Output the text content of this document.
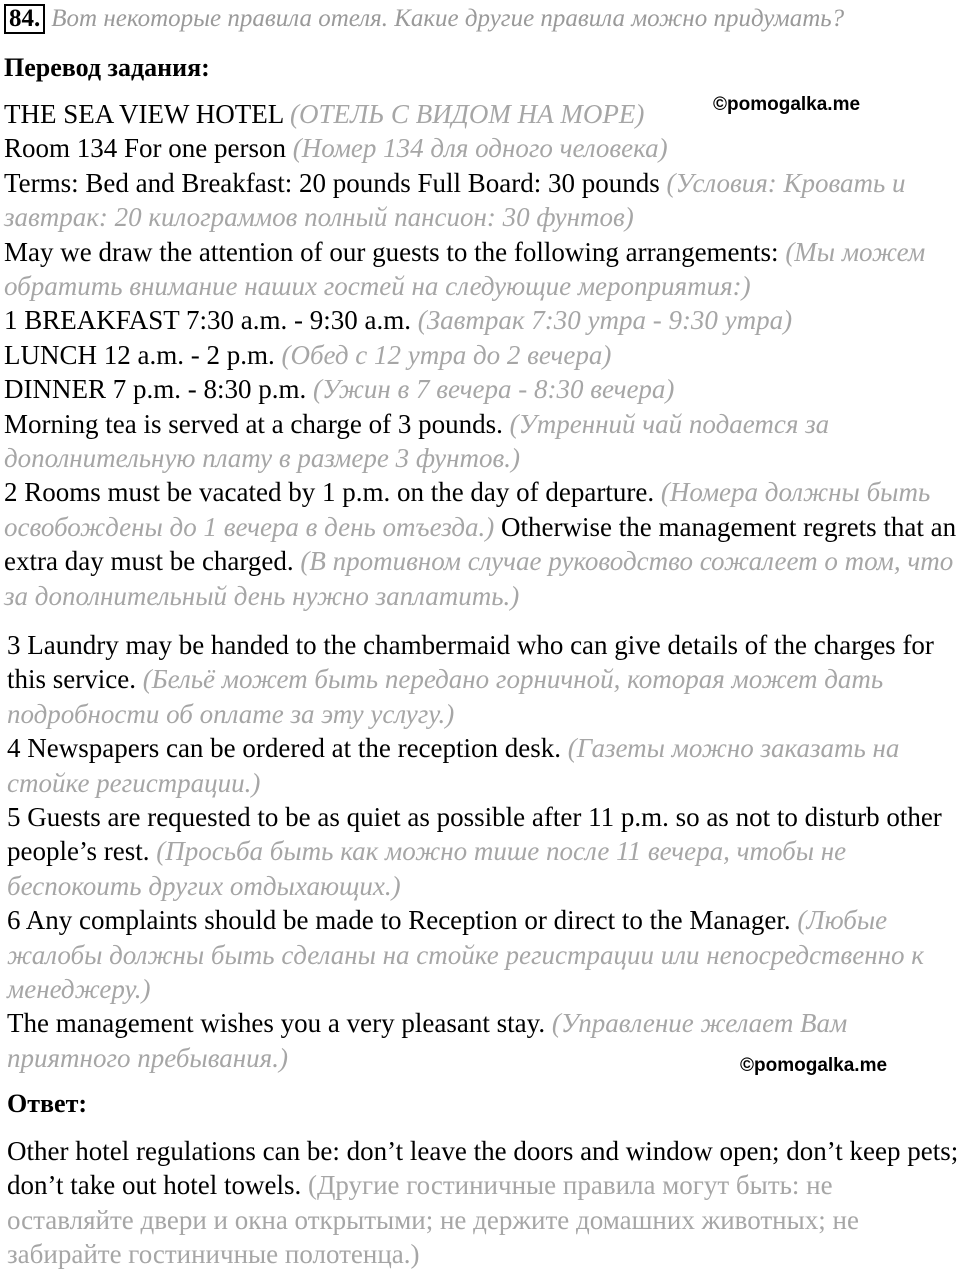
84. Вот некоторые правила отеля. Какие другие правила можно придумать?
Перевод задания:
©pomogalka.me

THE SEA VIEW HOTEL (ОТЕЛЬ С ВИДОМ НА МОРЕ)

Room 134 For one person (Номер 134 для одного человека)

Terms: Bed and Breakfast: 20 pounds Full Board: 30 pounds (Условия: Кровать и завтрак: 20 килограммов полный пансион: 30 фунтов)

May we draw the attention of our guests to the following arrangements: (Мы можем обратить внимание наших гостей на следующие мероприятия:)

1 BREAKFAST 7:30 a.m. - 9:30 a.m. (Завтрак 7:30 утра - 9:30 утра)

LUNCH 12 a.m. - 2 p.m. (Обед с 12 утра до 2 вечера)

DINNER 7 p.m. - 8:30 p.m. (Ужин в 7 вечера - 8:30 вечера)

Morning tea is served at a charge of 3 pounds. (Утренний чай подается за дополнительную плату в размере 3 фунтов.)

2 Rooms must be vacated by 1 p.m. on the day of departure. (Номера должны быть освобождены до 1 вечера в день отъезда.) Otherwise the management regrets that an extra day must be charged. (В противном случае руководство сожалеет о том, что за дополнительный день нужно заплатить.)

3 Laundry may be handed to the chambermaid who can give details of the charges for this service. (Бельё может быть передано горничной, которая может дать подробности об оплате за эту услугу.)

4 Newspapers can be ordered at the reception desk. (Газеты можно заказать на стойке регистрации.)

5 Guests are requested to be as quiet as possible after 11 p.m. so as not to disturb other people’s rest. (Просьба быть как можно тише после 11 вечера, чтобы не беспокоить других отдыхающих.)

6 Any complaints should be made to Reception or direct to the Manager. (Любые жалобы должны быть сделаны на стойке регистрации или непосредственно к менеджеру.)

The management wishes you a very pleasant stay. (Управление желает Вам приятного пребывания.)	©pomogalka.me
Ответ:

Other hotel regulations can be: don’t leave the doors and window open; don’t keep pets; don’t take out hotel towels. (Другие гостиничные правила могут быть: не оставляйте двери и окна открытыми; не держите домашних животных; не забирайте гостиничные полотенца.)
